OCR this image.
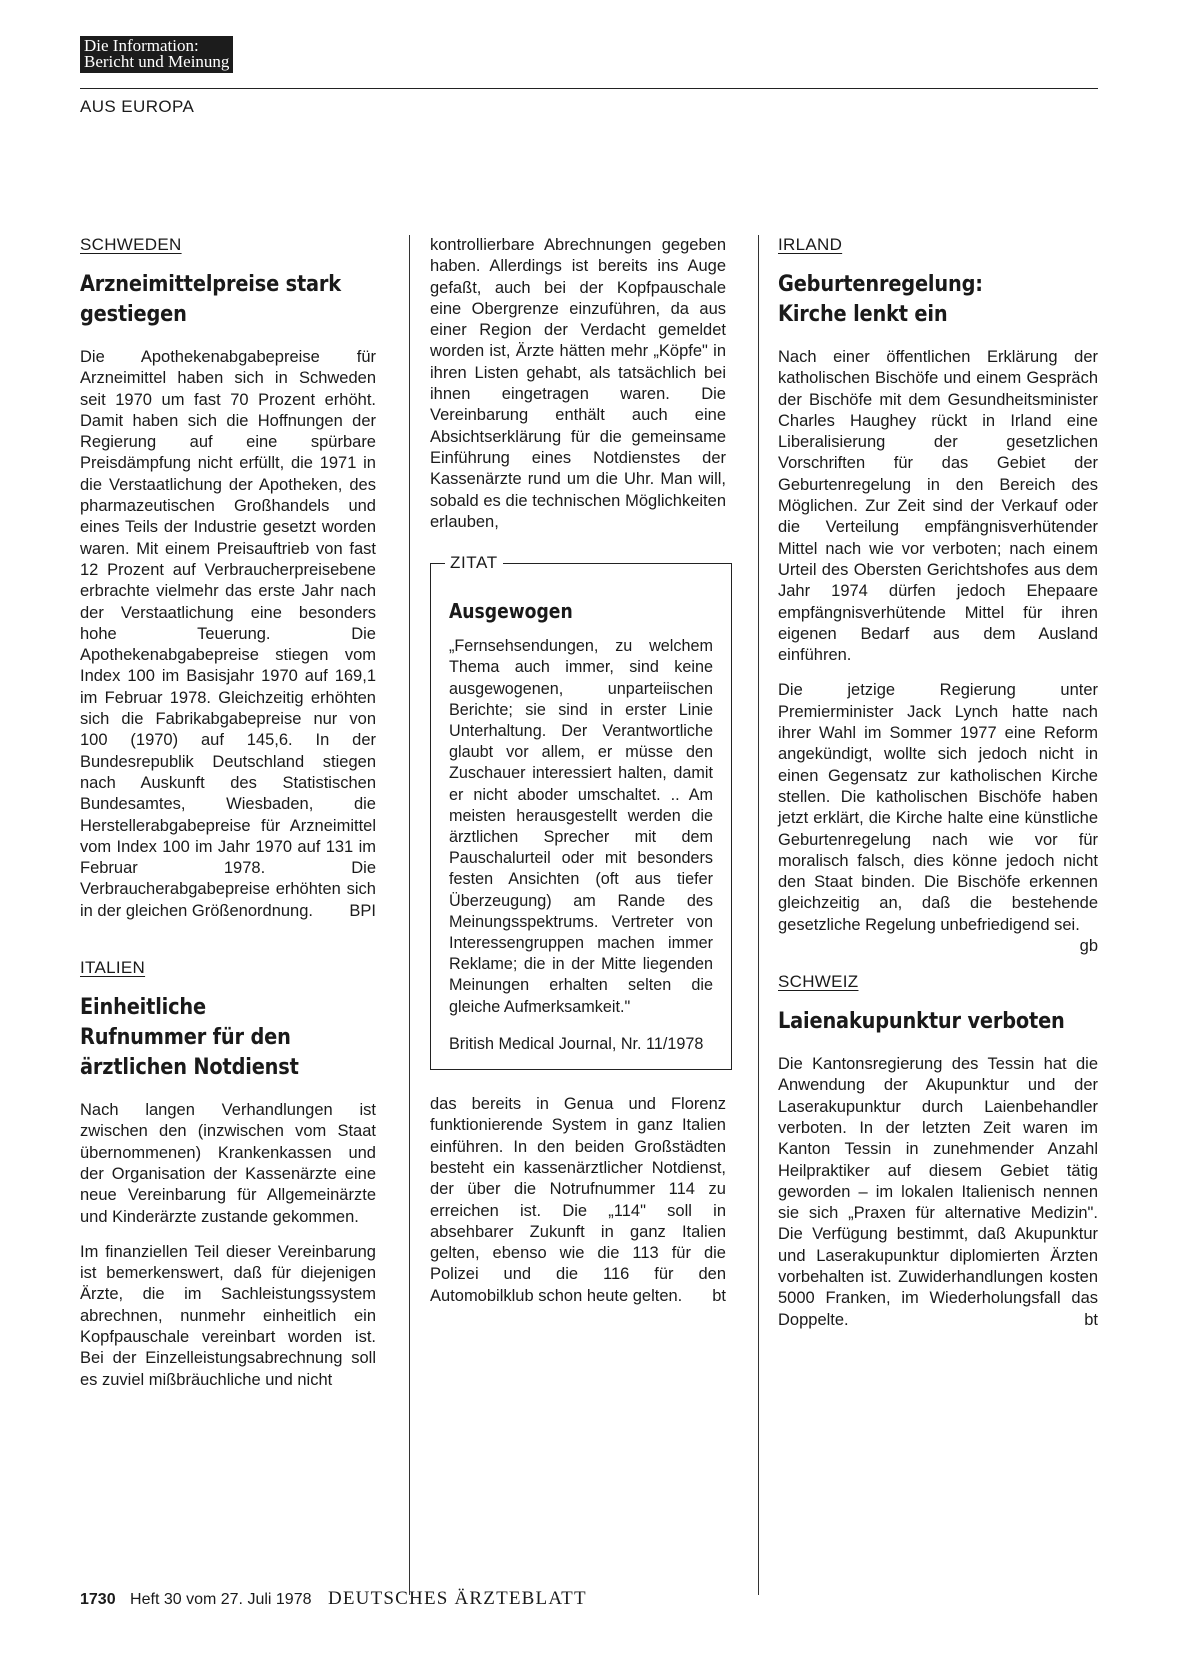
Die Information:
Bericht und Meinung
AUS EUROPA
SCHWEDEN
Arzneimittelpreise stark gestiegen

Die Apothekenabgabepreise für Arzneimittel haben sich in Schweden seit 1970 um fast 70 Prozent erhöht. Damit haben sich die Hoffnungen der Regierung auf eine spürbare Preisdämpfung nicht erfüllt, die 1971 in die Verstaatlichung der Apotheken, des pharmazeutischen Großhandels und eines Teils der Industrie gesetzt worden waren. Mit einem Preisauftrieb von fast 12 Prozent auf Verbraucherpreisebene erbrachte vielmehr das erste Jahr nach der Verstaatlichung eine besonders hohe Teuerung. Die Apothekenabgabepreise stiegen vom Index 100 im Basisjahr 1970 auf 169,1 im Februar 1978. Gleichzeitig erhöhten sich die Fabrikabgabepreise nur von 100 (1970) auf 145,6. In der Bundesrepublik Deutschland stiegen nach Auskunft des Statistischen Bundesamtes, Wiesbaden, die Herstellerabgabepreise für Arzneimittel vom Index 100 im Jahr 1970 auf 131 im Februar 1978. Die Verbraucherabgabepreise erhöhten sich in der gleichen Größenordnung. BPI

ITALIEN
Einheitliche Rufnummer für den ärztlichen Notdienst

Nach langen Verhandlungen ist zwischen den (inzwischen vom Staat übernommenen) Krankenkassen und der Organisation der Kassenärzte eine neue Vereinbarung für Allgemeinärzte und Kinderärzte zustande gekommen.

Im finanziellen Teil dieser Vereinbarung ist bemerkenswert, daß für diejenigen Ärzte, die im Sachleistungssystem abrechnen, nunmehr einheitlich ein Kopfpauschale vereinbart worden ist. Bei der Einzelleistungsabrechnung soll es zuviel mißbräuchliche und nicht

kontrollierbare Abrechnungen gegeben haben. Allerdings ist bereits ins Auge gefaßt, auch bei der Kopfpauschale eine Obergrenze einzuführen, da aus einer Region der Verdacht gemeldet worden ist, Ärzte hätten mehr „Köpfe" in ihren Listen gehabt, als tatsächlich bei ihnen eingetragen waren. Die Vereinbarung enthält auch eine Absichtserklärung für die gemeinsame Einführung eines Notdienstes der Kassenärzte rund um die Uhr. Man will, sobald es die technischen Möglichkeiten erlauben,

ZITAT
Ausgewogen

„Fernsehsendungen, zu welchem Thema auch immer, sind keine ausgewogenen, unparteiischen Berichte; sie sind in erster Linie Unterhaltung. Der Verantwortliche glaubt vor allem, er müsse den Zuschauer interessiert halten, damit er nicht aboder umschaltet. .. Am meisten herausgestellt werden die ärztlichen Sprecher mit dem Pauschalurteil oder mit besonders festen Ansichten (oft aus tiefer Überzeugung) am Rande des Meinungsspektrums. Vertreter von Interessengruppen machen immer Reklame; die in der Mitte liegenden Meinungen erhalten selten die gleiche Aufmerksamkeit."

British Medical Journal, Nr. 11/1978

das bereits in Genua und Florenz funktionierende System in ganz Italien einführen. In den beiden Großstädten besteht ein kassenärztlicher Notdienst, der über die Notrufnummer 114 zu erreichen ist. Die „114" soll in absehbarer Zukunft in ganz Italien gelten, ebenso wie die 113 für die Polizei und die 116 für den Automobilklub schon heute gelten. bt

IRLAND
Geburtenregelung: Kirche lenkt ein

Nach einer öffentlichen Erklärung der katholischen Bischöfe und einem Gespräch der Bischöfe mit dem Gesundheitsminister Charles Haughey rückt in Irland eine Liberalisierung der gesetzlichen Vorschriften für das Gebiet der Geburtenregelung in den Bereich des Möglichen. Zur Zeit sind der Verkauf oder die Verteilung empfängnisverhütender Mittel nach wie vor verboten; nach einem Urteil des Obersten Gerichtshofes aus dem Jahr 1974 dürfen jedoch Ehepaare empfängnisverhütende Mittel für ihren eigenen Bedarf aus dem Ausland einführen.

Die jetzige Regierung unter Premierminister Jack Lynch hatte nach ihrer Wahl im Sommer 1977 eine Reform angekündigt, wollte sich jedoch nicht in einen Gegensatz zur katholischen Kirche stellen. Die katholischen Bischöfe haben jetzt erklärt, die Kirche halte eine künstliche Geburtenregelung nach wie vor für moralisch falsch, dies könne jedoch nicht den Staat binden. Die Bischöfe erkennen gleichzeitig an, daß die bestehende gesetzliche Regelung unbefriedigend sei.
gb

SCHWEIZ
Laienakupunktur verboten

Die Kantonsregierung des Tessin hat die Anwendung der Akupunktur und der Laserakupunktur durch Laienbehandler verboten. In der letzten Zeit waren im Kanton Tessin in zunehmender Anzahl Heilpraktiker auf diesem Gebiet tätig geworden – im lokalen Italienisch nennen sie sich „Praxen für alternative Medizin". Die Verfügung bestimmt, daß Akupunktur und Laserakupunktur diplomierten Ärzten vorbehalten ist. Zuwiderhandlungen kosten 5000 Franken, im Wiederholungsfall das Doppelte.	bt

1730 Heft 30 vom 27. Juli 1978 DEUTSCHES ÄRZTEBLATT
